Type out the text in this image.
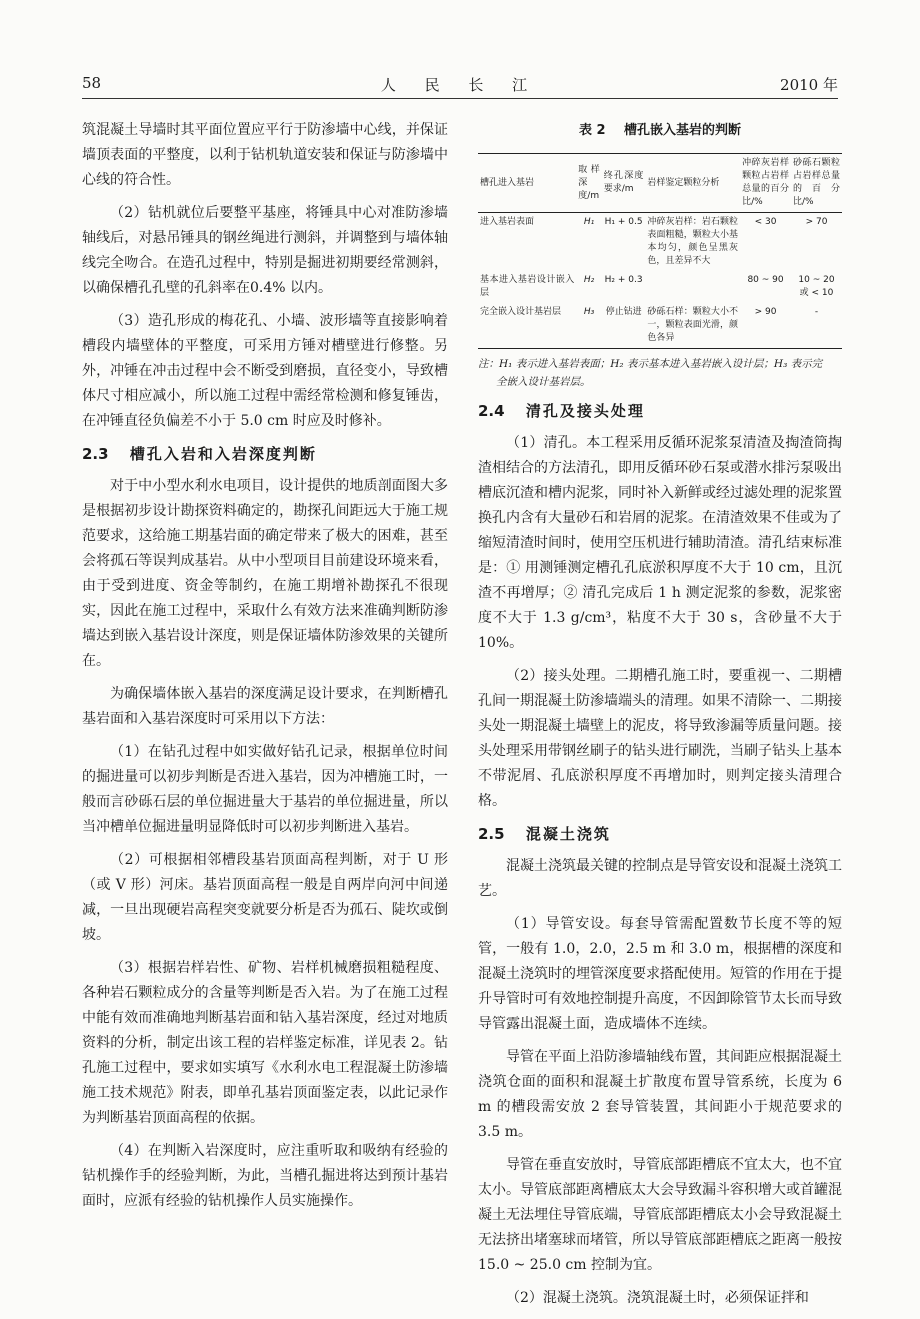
58	人 民 长 江	2010 年

筑混凝土导墙时其平面位置应平行于防渗墙中心线，并保证墙顶表面的平整度，以利于钻机轨道安装和保证与防渗墙中心线的符合性。

（2）钻机就位后要整平基座，将锤具中心对准防渗墙轴线后，对悬吊锤具的钢丝绳进行测斜，并调整到与墙体轴线完全吻合。在造孔过程中，特别是掘进初期要经常测斜，以确保槽孔孔壁的孔斜率在0.4% 以内。

（3）造孔形成的梅花孔、小墙、波形墙等直接影响着槽段内墙壁体的平整度，可采用方锤对槽壁进行修整。另外，冲锤在冲击过程中会不断受到磨损，直径变小，导致槽体尺寸相应减小，所以施工过程中需经常检测和修复锤齿，在冲锤直径负偏差不小于 5.0 cm 时应及时修补。

2.3 槽孔入岩和入岩深度判断

对于中小型水利水电项目，设计提供的地质剖面图大多是根据初步设计勘探资料确定的，勘探孔间距远大于施工规范要求，这给施工期基岩面的确定带来了极大的困难，甚至会将孤石等误判成基岩。从中小型项目目前建设环境来看，由于受到进度、资金等制约，在施工期增补勘探孔不很现实，因此在施工过程中，采取什么有效方法来准确判断防渗墙达到嵌入基岩设计深度，则是保证墙体防渗效果的关键所在。

为确保墙体嵌入基岩的深度满足设计要求，在判断槽孔基岩面和入基岩深度时可采用以下方法：

（1）在钻孔过程中如实做好钻孔记录，根据单位时间的掘进量可以初步判断是否进入基岩，因为冲槽施工时，一般而言砂砾石层的单位掘进量大于基岩的单位掘进量，所以当冲槽单位掘进量明显降低时可以初步判断进入基岩。

（2）可根据相邻槽段基岩顶面高程判断，对于 U 形（或 V 形）河床。基岩顶面高程一般是自两岸向河中间递减，一旦出现硬岩高程突变就要分析是否为孤石、陡坎或倒坡。

（3）根据岩样岩性、矿物、岩样机械磨损粗糙程度、各种岩石颗粒成分的含量等判断是否入岩。为了在施工过程中能有效而准确地判断基岩面和钻入基岩深度，经过对地质资料的分析，制定出该工程的岩样鉴定标准，详见表 2。钻孔施工过程中，要求如实填写《水利水电工程混凝土防渗墙施工技术规范》附表，即单孔基岩顶面鉴定表，以此记录作为判断基岩顶面高程的依据。

（4）在判断入岩深度时，应注重听取和吸纳有经验的钻机操作手的经验判断，为此，当槽孔掘进将达到预计基岩面时，应派有经验的钻机操作人员实施操作。

表 2 槽孔嵌入基岩的判断
槽孔进入基岩	取样深度/m	终孔深度要求/m	岩样鉴定颗粒分析	冲碎灰岩样颗粒占岩样总量的百分比/%	砂砾石颗粒占岩样总量的百分比/%
进入基岩表面	H₁	H₁ + 0.5	冲碎灰岩样：岩石颗粒表面粗糙，颗粒大小基本均匀，颜色呈黑灰色，且差异不大	< 30	> 70
基本进入基岩设计嵌入层	H₂	H₂ + 0.3		80 ~ 90	10 ~ 20 或 < 10
完全嵌入设计基岩层	H₃	停止钻进	砂砾石样：颗粒大小不一，颗粒表面光滑，颜色各异	> 90	-
注：H₁ 表示进入基岩表面；H₂ 表示基本进入基岩嵌入设计层；H₃ 表示完
全嵌入设计基岩层。
2.4 清孔及接头处理

（1）清孔。本工程采用反循环泥浆泵清渣及掏渣筒掏渣相结合的方法清孔，即用反循环砂石泵或潜水排污泵吸出槽底沉渣和槽内泥浆，同时补入新鲜或经过滤处理的泥浆置换孔内含有大量砂石和岩屑的泥浆。在清渣效果不佳或为了缩短清渣时间时，使用空压机进行辅助清渣。清孔结束标准是：① 用测锤测定槽孔孔底淤积厚度不大于 10 cm，且沉渣不再增厚；② 清孔完成后 1 h 测定泥浆的参数，泥浆密度不大于 1.3 g/cm³，粘度不大于 30 s，含砂量不大于 10%。

（2）接头处理。二期槽孔施工时，要重视一、二期槽孔间一期混凝土防渗墙端头的清理。如果不清除一、二期接头处一期混凝土墙壁上的泥皮，将导致渗漏等质量问题。接头处理采用带钢丝刷子的钻头进行刷洗，当刷子钻头上基本不带泥屑、孔底淤积厚度不再增加时，则判定接头清理合格。

2.5 混凝土浇筑

混凝土浇筑最关键的控制点是导管安设和混凝土浇筑工艺。

（1）导管安设。每套导管需配置数节长度不等的短管，一般有 1.0，2.0，2.5 m 和 3.0 m，根据槽的深度和混凝土浇筑时的埋管深度要求搭配使用。短管的作用在于提升导管时可有效地控制提升高度，不因卸除管节太长而导致导管露出混凝土面，造成墙体不连续。

导管在平面上沿防渗墙轴线布置，其间距应根据混凝土浇筑仓面的面积和混凝土扩散度布置导管系统，长度为 6 m 的槽段需安放 2 套导管装置，其间距小于规范要求的 3.5 m。

导管在垂直安放时，导管底部距槽底不宜太大，也不宜太小。导管底部距离槽底太大会导致漏斗容积增大或首罐混凝土无法埋住导管底端，导管底部距槽底太小会导致混凝土无法挤出堵塞球而堵管，所以导管底部距槽底之距离一般按 15.0 ~ 25.0 cm 控制为宜。

（2）混凝土浇筑。浇筑混凝土时，必须保证拌和
